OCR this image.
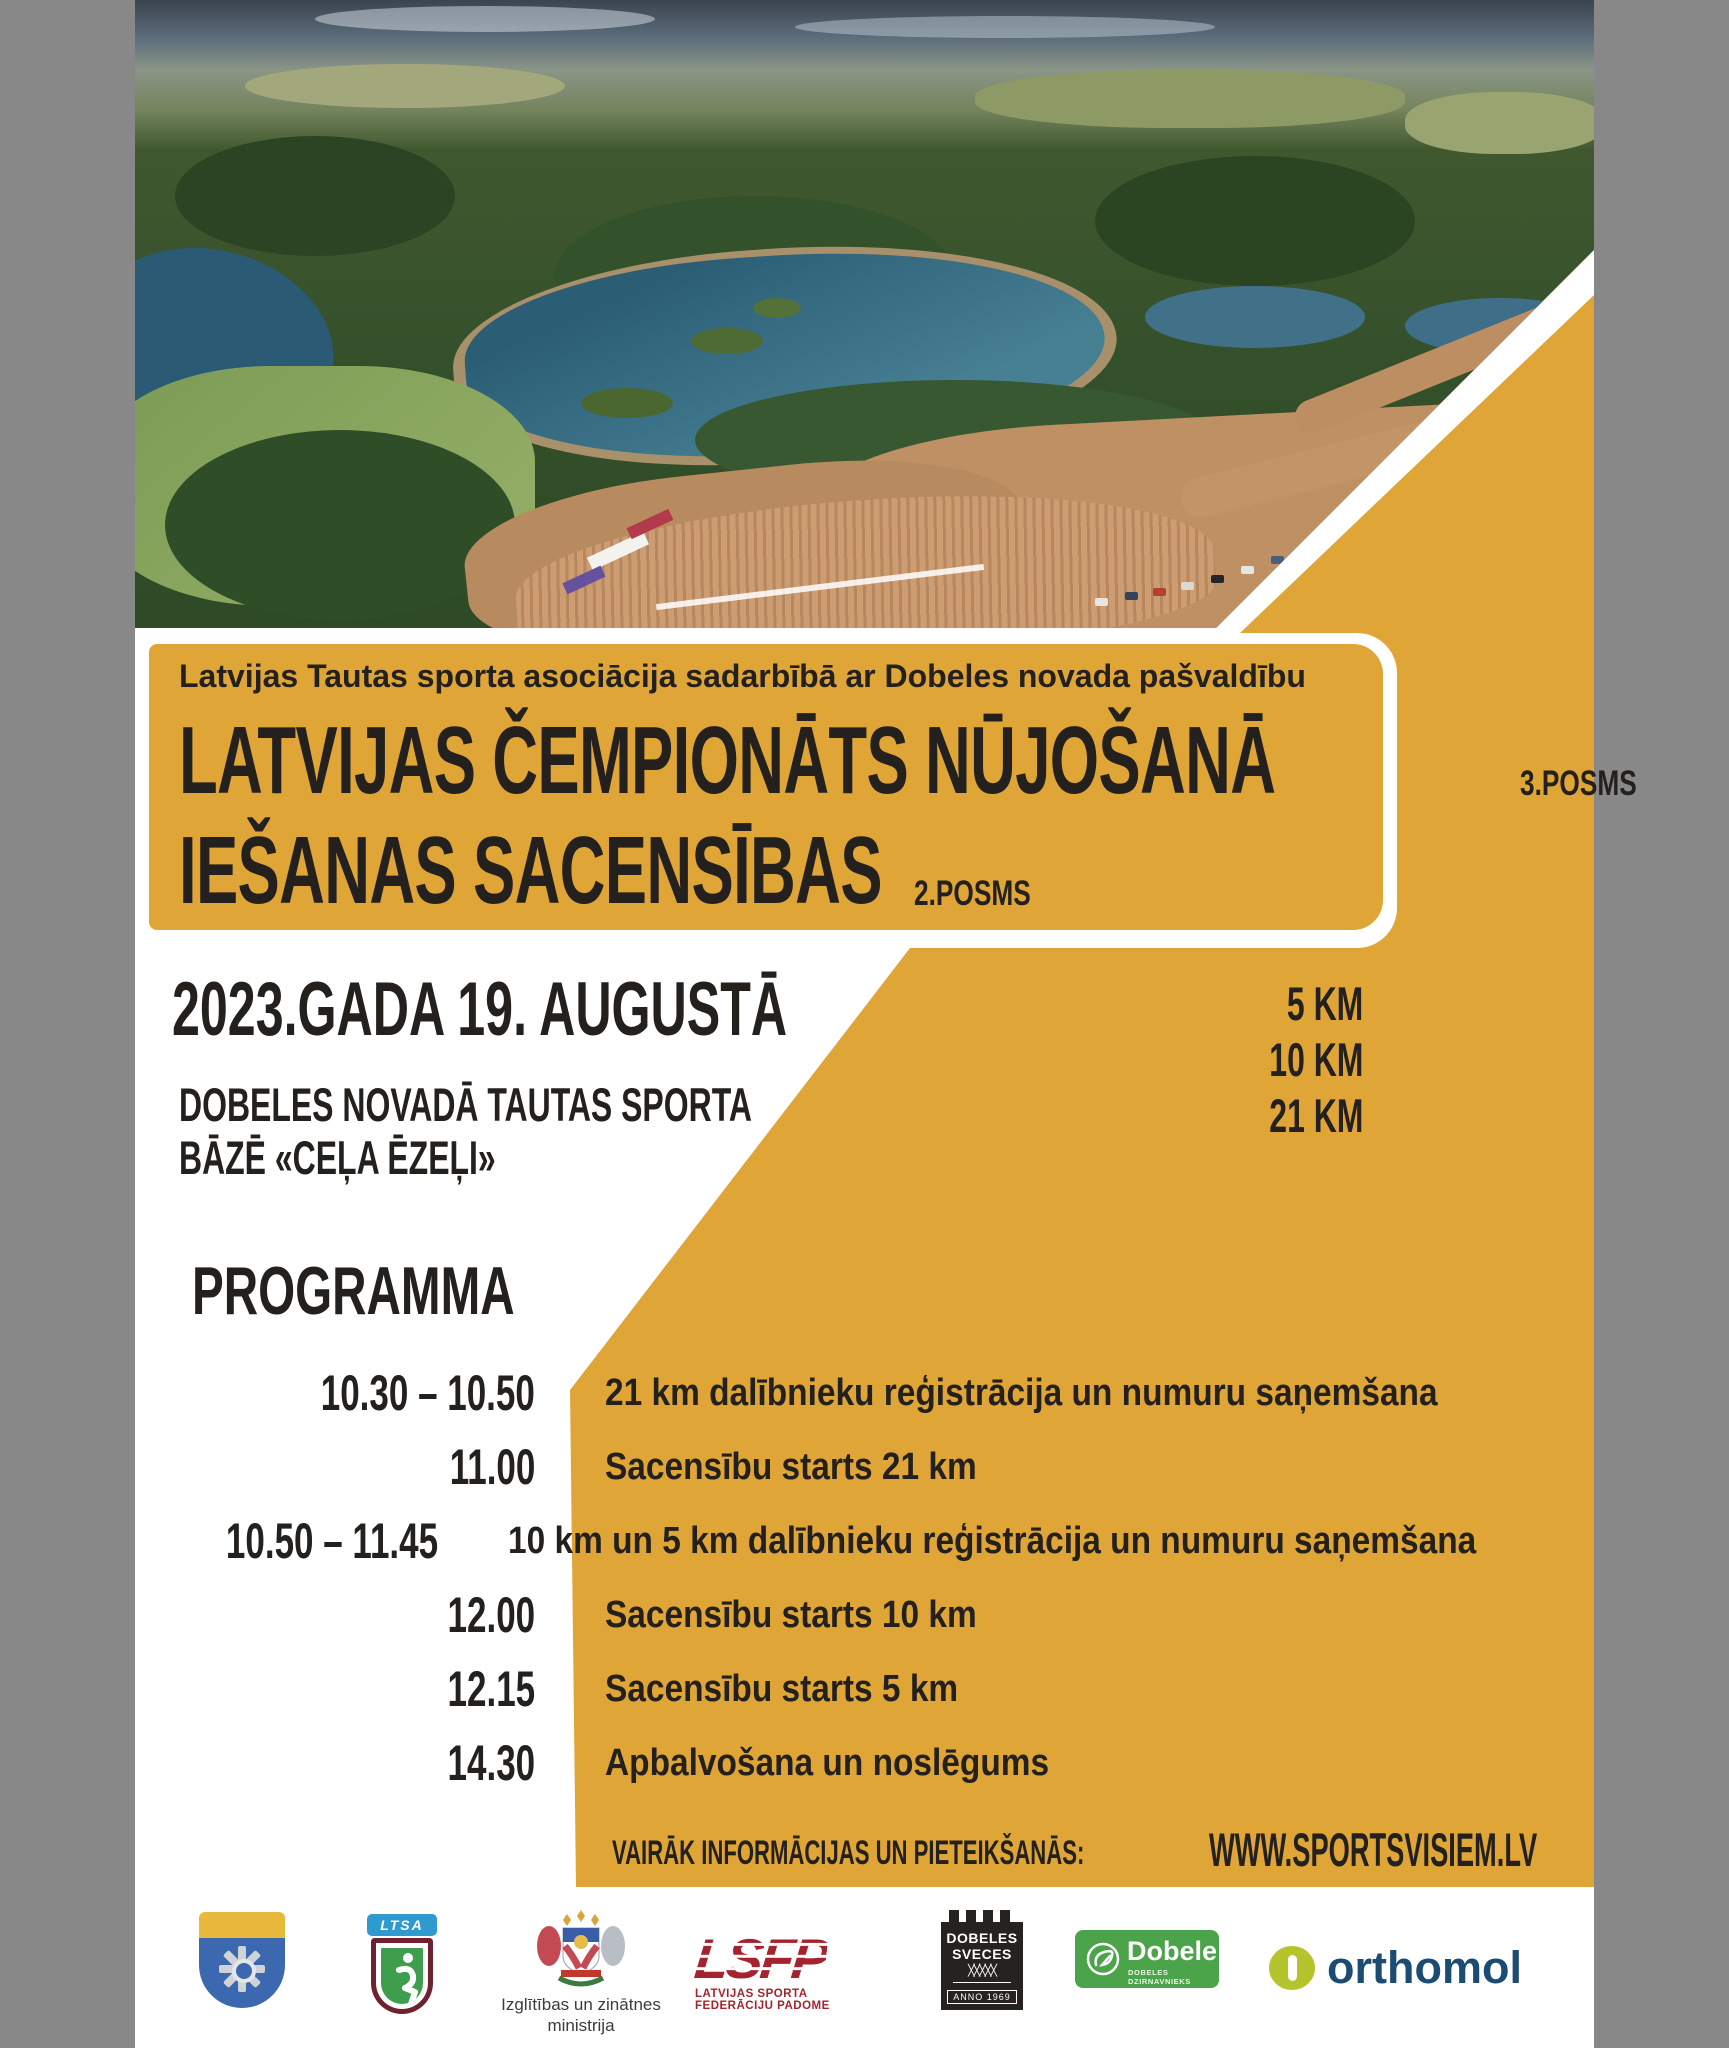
Latvijas Tautas sporta asociācija sadarbībā ar Dobeles novada pašvaldību
LATVIJAS ČEMPIONĀTS NŪJOŠANĀ	3.POSMS
IEŠANAS SACENSĪBAS 2.POSMS
2023.GADA 19. AUGUSTĀ
DOBELES NOVADĀ TAUTAS SPORTA
BĀZĒ «CEĻA ĒZEĻI»
5 KM
10 KM
21 KM
PROGRAMMA
10.30 – 10.50 21 km dalībnieku reģistrācija un numuru saņemšana
11.00 Sacensību starts 21 km
10.50 – 11.45 10 km un 5 km dalībnieku reģistrācija un numuru saņemšana
12.00 Sacensību starts 10 km
12.15 Sacensību starts 5 km
14.30 Apbalvošana un noslēgums
VAIRĀK INFORMĀCIJAS UN PIETEIKŠANĀS:	WWW.SPORTSVISIEM.LV
LTSA
Izglītības un zinātnes
ministrija
LSFP
LATVIJAS SPORTA FEDERĀCIJU PADOME
DOBELES
SVECES
╳╳╳╳╳
ANNO 1969
Dobele
DOBELES DZIRNAVNIEKS	orthomol
